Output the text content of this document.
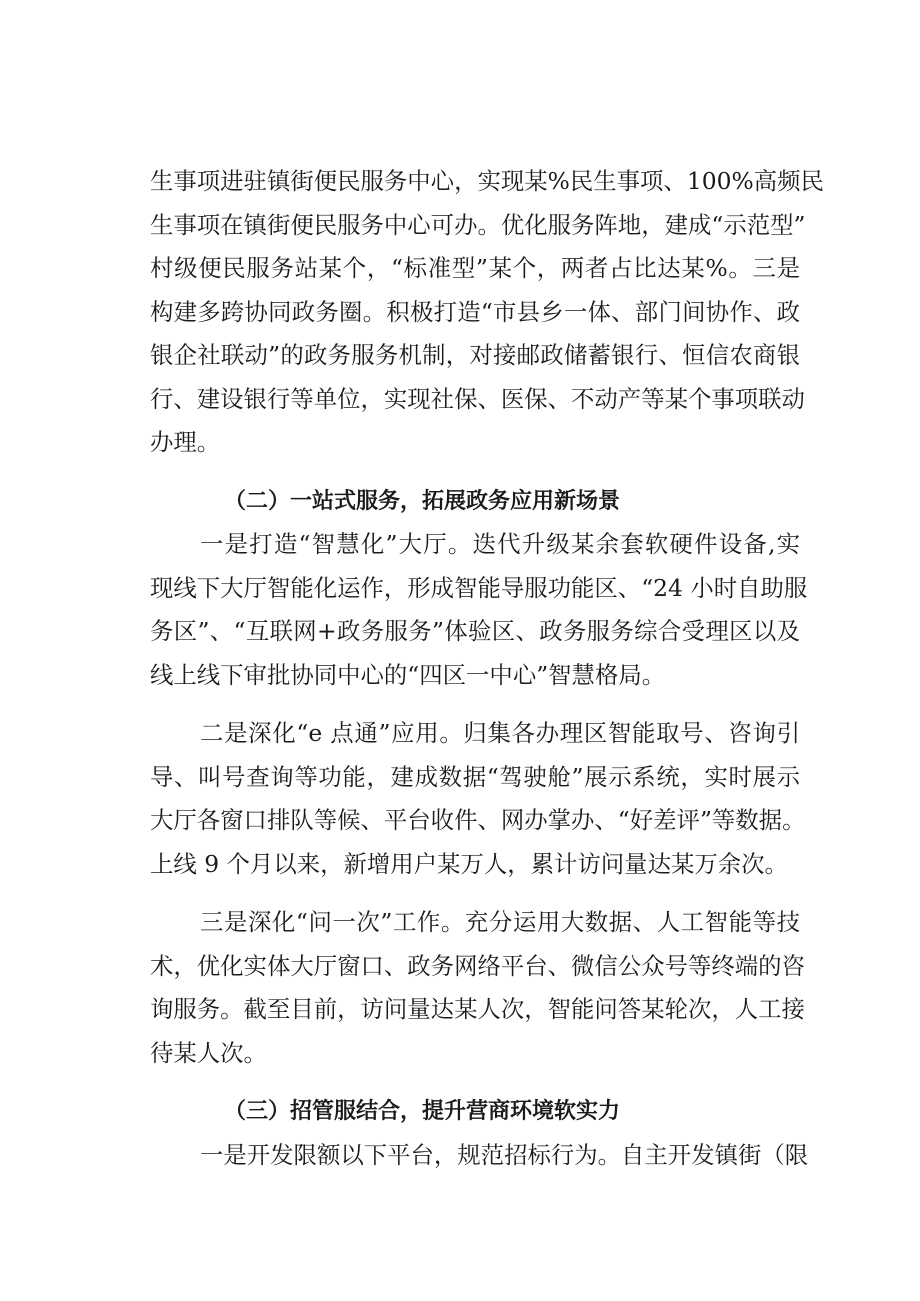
生事项进驻镇街便民服务中心，实现某%民生事项、100%高频民
生事项在镇街便民服务中心可办。优化服务阵地，建成“示范型”
村级便民服务站某个，“标准型”某个，两者占比达某%。三是
构建多跨协同政务圈。积极打造“市县乡一体、部门间协作、政
银企社联动”的政务服务机制，对接邮政储蓄银行、恒信农商银
行、建设银行等单位，实现社保、医保、不动产等某个事项联动
办理。
（二）一站式服务，拓展政务应用新场景
一是打造“智慧化”大厅。迭代升级某余套软硬件设备,实
现线下大厅智能化运作，形成智能导服功能区、“24 小时自助服
务区”、“互联网+政务服务”体验区、政务服务综合受理区以及
线上线下审批协同中心的“四区一中心”智慧格局。
二是深化“e 点通”应用。归集各办理区智能取号、咨询引
导、叫号查询等功能，建成数据“驾驶舱”展示系统，实时展示
大厅各窗口排队等候、平台收件、网办掌办、“好差评”等数据。
上线 9 个月以来，新增用户某万人，累计访问量达某万余次。
三是深化“问一次”工作。充分运用大数据、人工智能等技
术，优化实体大厅窗口、政务网络平台、微信公众号等终端的咨
询服务。截至目前，访问量达某人次，智能问答某轮次，人工接
待某人次。
（三）招管服结合，提升营商环境软实力
一是开发限额以下平台，规范招标行为。自主开发镇街（限
